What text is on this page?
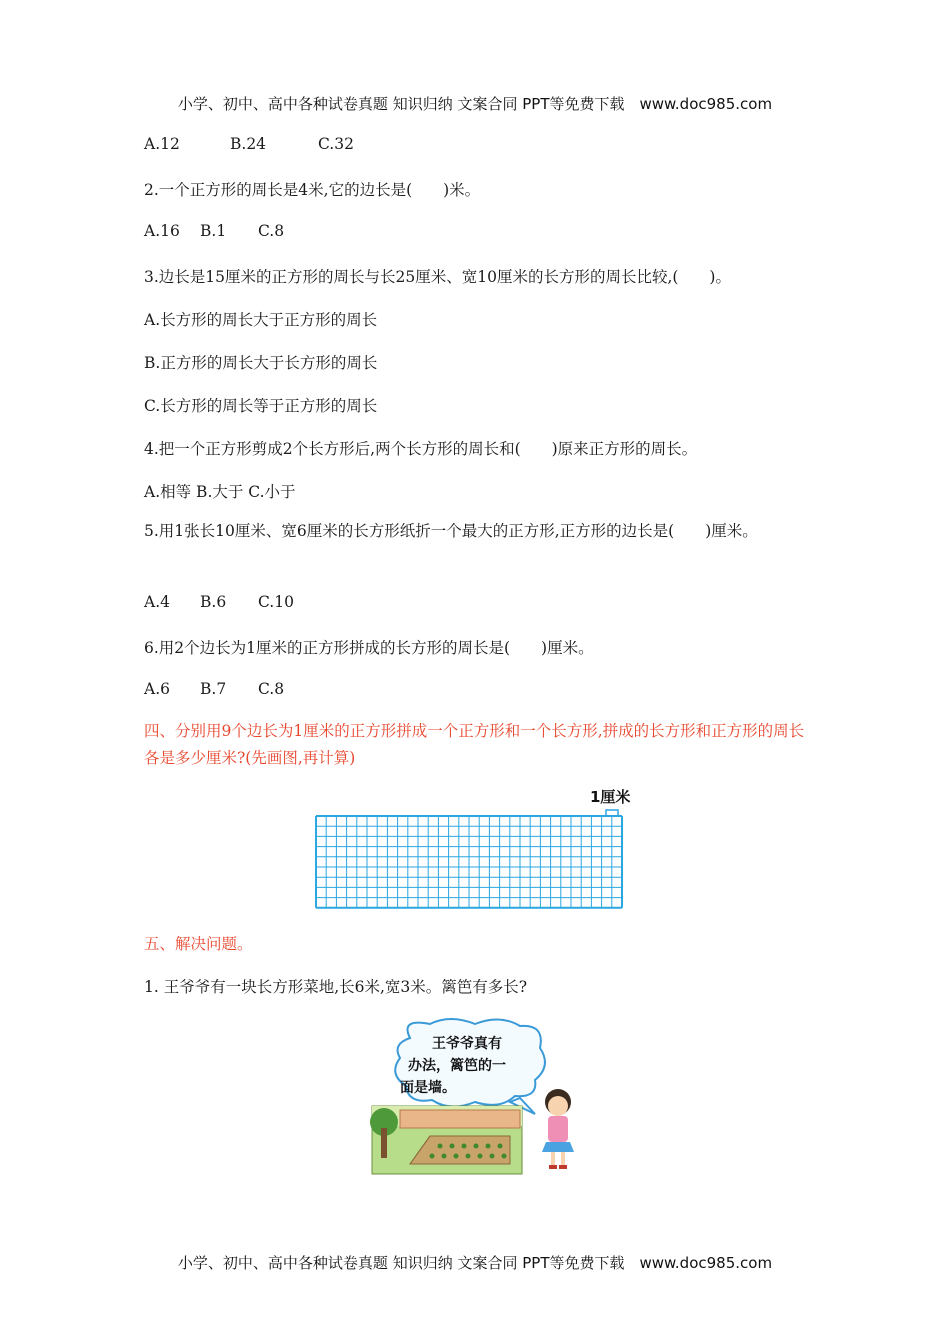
小学、初中、高中各种试卷真题 知识归纳 文案合同 PPT等免费下载　www.doc985.com
A.12	B.24	C.32
2.一个正方形的周长是4米,它的边长是(　　)米。
A.16 B.1 C.8
3.边长是15厘米的正方形的周长与长25厘米、宽10厘米的长方形的周长比较,(　　)。
A.长方形的周长大于正方形的周长
B.正方形的周长大于长方形的周长
C.长方形的周长等于正方形的周长
4.把一个正方形剪成2个长方形后,两个长方形的周长和(　　)原来正方形的周长。
A.相等 B.大于 C.小于
5.用1张长10厘米、宽6厘米的长方形纸折一个最大的正方形,正方形的边长是(　　)厘米。
A.4 B.6 C.10
6.用2个边长为1厘米的正方形拼成的长方形的周长是(　　)厘米。
A.6 B.7 C.8
四、分别用9个边长为1厘米的正方形拼成一个正方形和一个长方形,拼成的长方形和正方形的周长各是多少厘米?(先画图,再计算)
1厘米
五、解决问题。
1. 王爷爷有一块长方形菜地,长6米,宽3米。篱笆有多长?
王爷爷真有
办法，篱笆的一
面是墙。
小学、初中、高中各种试卷真题 知识归纳 文案合同 PPT等免费下载　www.doc985.com
